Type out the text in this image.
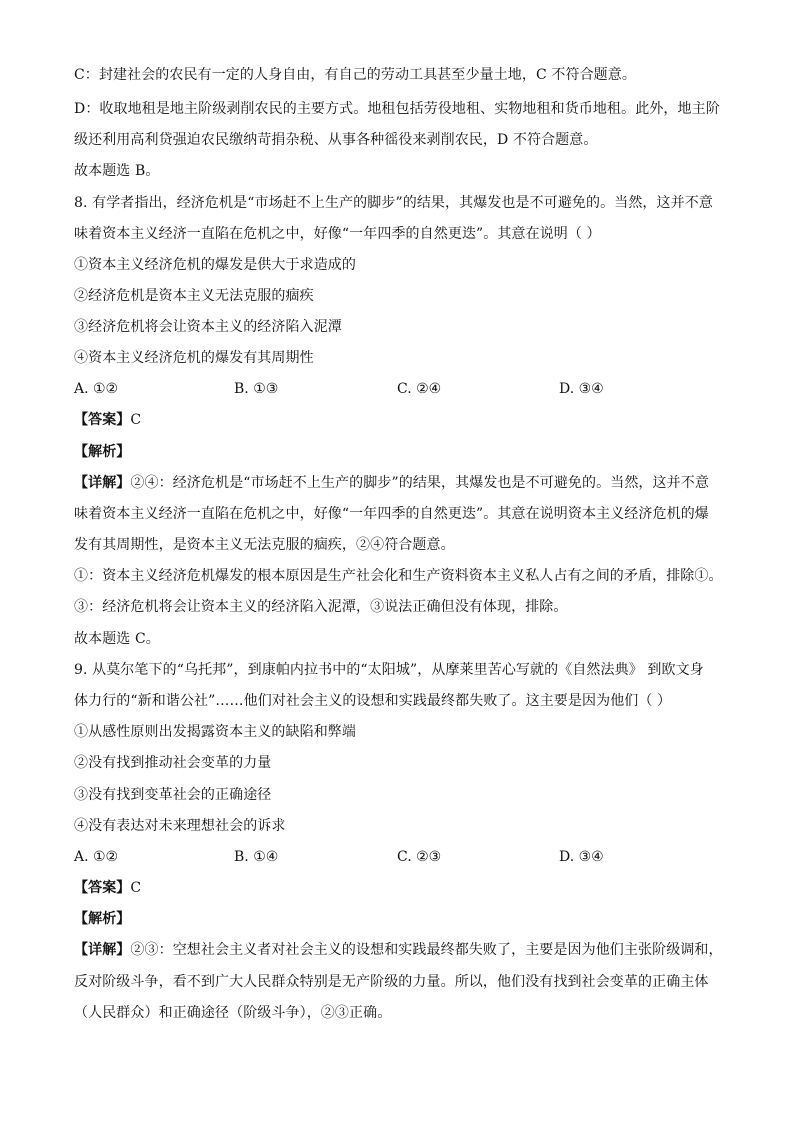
C：封建社会的农民有一定的人身自由，有自己的劳动工具甚至少量土地，C 不符合题意。
D：收取地租是地主阶级剥削农民的主要方式。地租包括劳役地租、实物地租和货币地租。此外，地主阶
级还利用高利贷强迫农民缴纳苛捐杂税、从事各种徭役来剥削农民，D 不符合题意。
故本题选 B。
8. 有学者指出，经济危机是“市场赶不上生产的脚步”的结果，其爆发也是不可避免的。当然，这并不意
味着资本主义经济一直陷在危机之中，好像“一年四季的自然更迭”。其意在说明（ ）
①资本主义经济危机的爆发是供大于求造成的
②经济危机是资本主义无法克服的痼疾
③经济危机将会让资本主义的经济陷入泥潭
④资本主义经济危机的爆发有其周期性
A. ①②	B. ①③	C. ②④	D. ③④
【答案】C
【解析】
【详解】②④：经济危机是“市场赶不上生产的脚步”的结果，其爆发也是不可避免的。当然，这并不意
味着资本主义经济一直陷在危机之中，好像“一年四季的自然更迭”。其意在说明资本主义经济危机的爆
发有其周期性，是资本主义无法克服的痼疾，②④符合题意。
①：资本主义经济危机爆发的根本原因是生产社会化和生产资料资本主义私人占有之间的矛盾，排除①。
③：经济危机将会让资本主义的经济陷入泥潭，③说法正确但没有体现，排除。
故本题选 C。
9. 从莫尔笔下的“乌托邦”，到康帕内拉书中的“太阳城”，从摩莱里苦心写就的《自然法典》 到欧文身
体力行的“新和谐公社”……他们对社会主义的设想和实践最终都失败了。这主要是因为他们（ ）
①从感性原则出发揭露资本主义的缺陷和弊端
②没有找到推动社会变革的力量
③没有找到变革社会的正确途径
④没有表达对未来理想社会的诉求
A. ①②	B. ①④	C. ②③	D. ③④
【答案】C
【解析】
【详解】②③：空想社会主义者对社会主义的设想和实践最终都失败了，主要是因为他们主张阶级调和，
反对阶级斗争，看不到广大人民群众特别是无产阶级的力量。所以，他们没有找到社会变革的正确主体
（人民群众）和正确途径（阶级斗争），②③正确。
